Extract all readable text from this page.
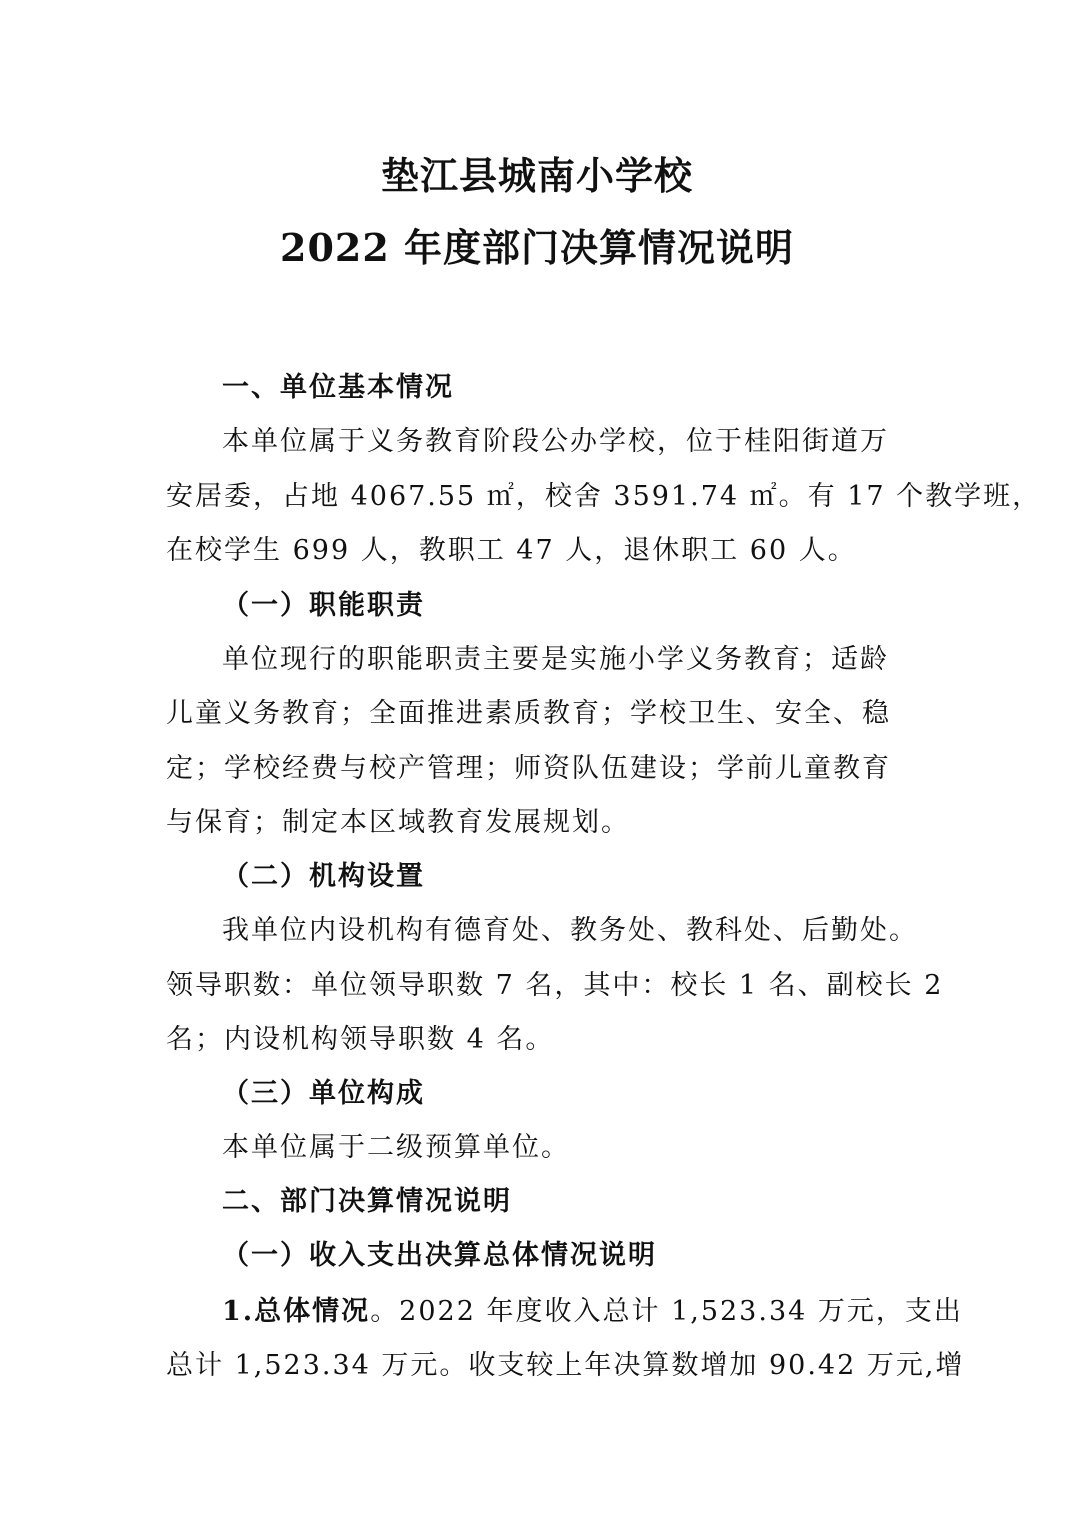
垫江县城南小学校
2022 年度部门决算情况说明
一、单位基本情况
本单位属于义务教育阶段公办学校，位于桂阳街道万
安居委，占地 4067.55 ㎡，校舍 3591.74 ㎡。有 17 个教学班，
在校学生 699 人，教职工 47 人，退休职工 60 人。
（一）职能职责
单位现行的职能职责主要是实施小学义务教育；适龄
儿童义务教育；全面推进素质教育；学校卫生、安全、稳
定；学校经费与校产管理；师资队伍建设；学前儿童教育
与保育；制定本区域教育发展规划。
（二）机构设置
我单位内设机构有德育处、教务处、教科处、后勤处。
领导职数：单位领导职数 7 名，其中：校长 1 名、副校长 2
名；内设机构领导职数 4 名。
（三）单位构成
本单位属于二级预算单位。
二、部门决算情况说明
（一）收入支出决算总体情况说明
1.总体情况。2022 年度收入总计 1,523.34 万元，支出
总计 1,523.34 万元。收支较上年决算数增加 90.42 万元,增
